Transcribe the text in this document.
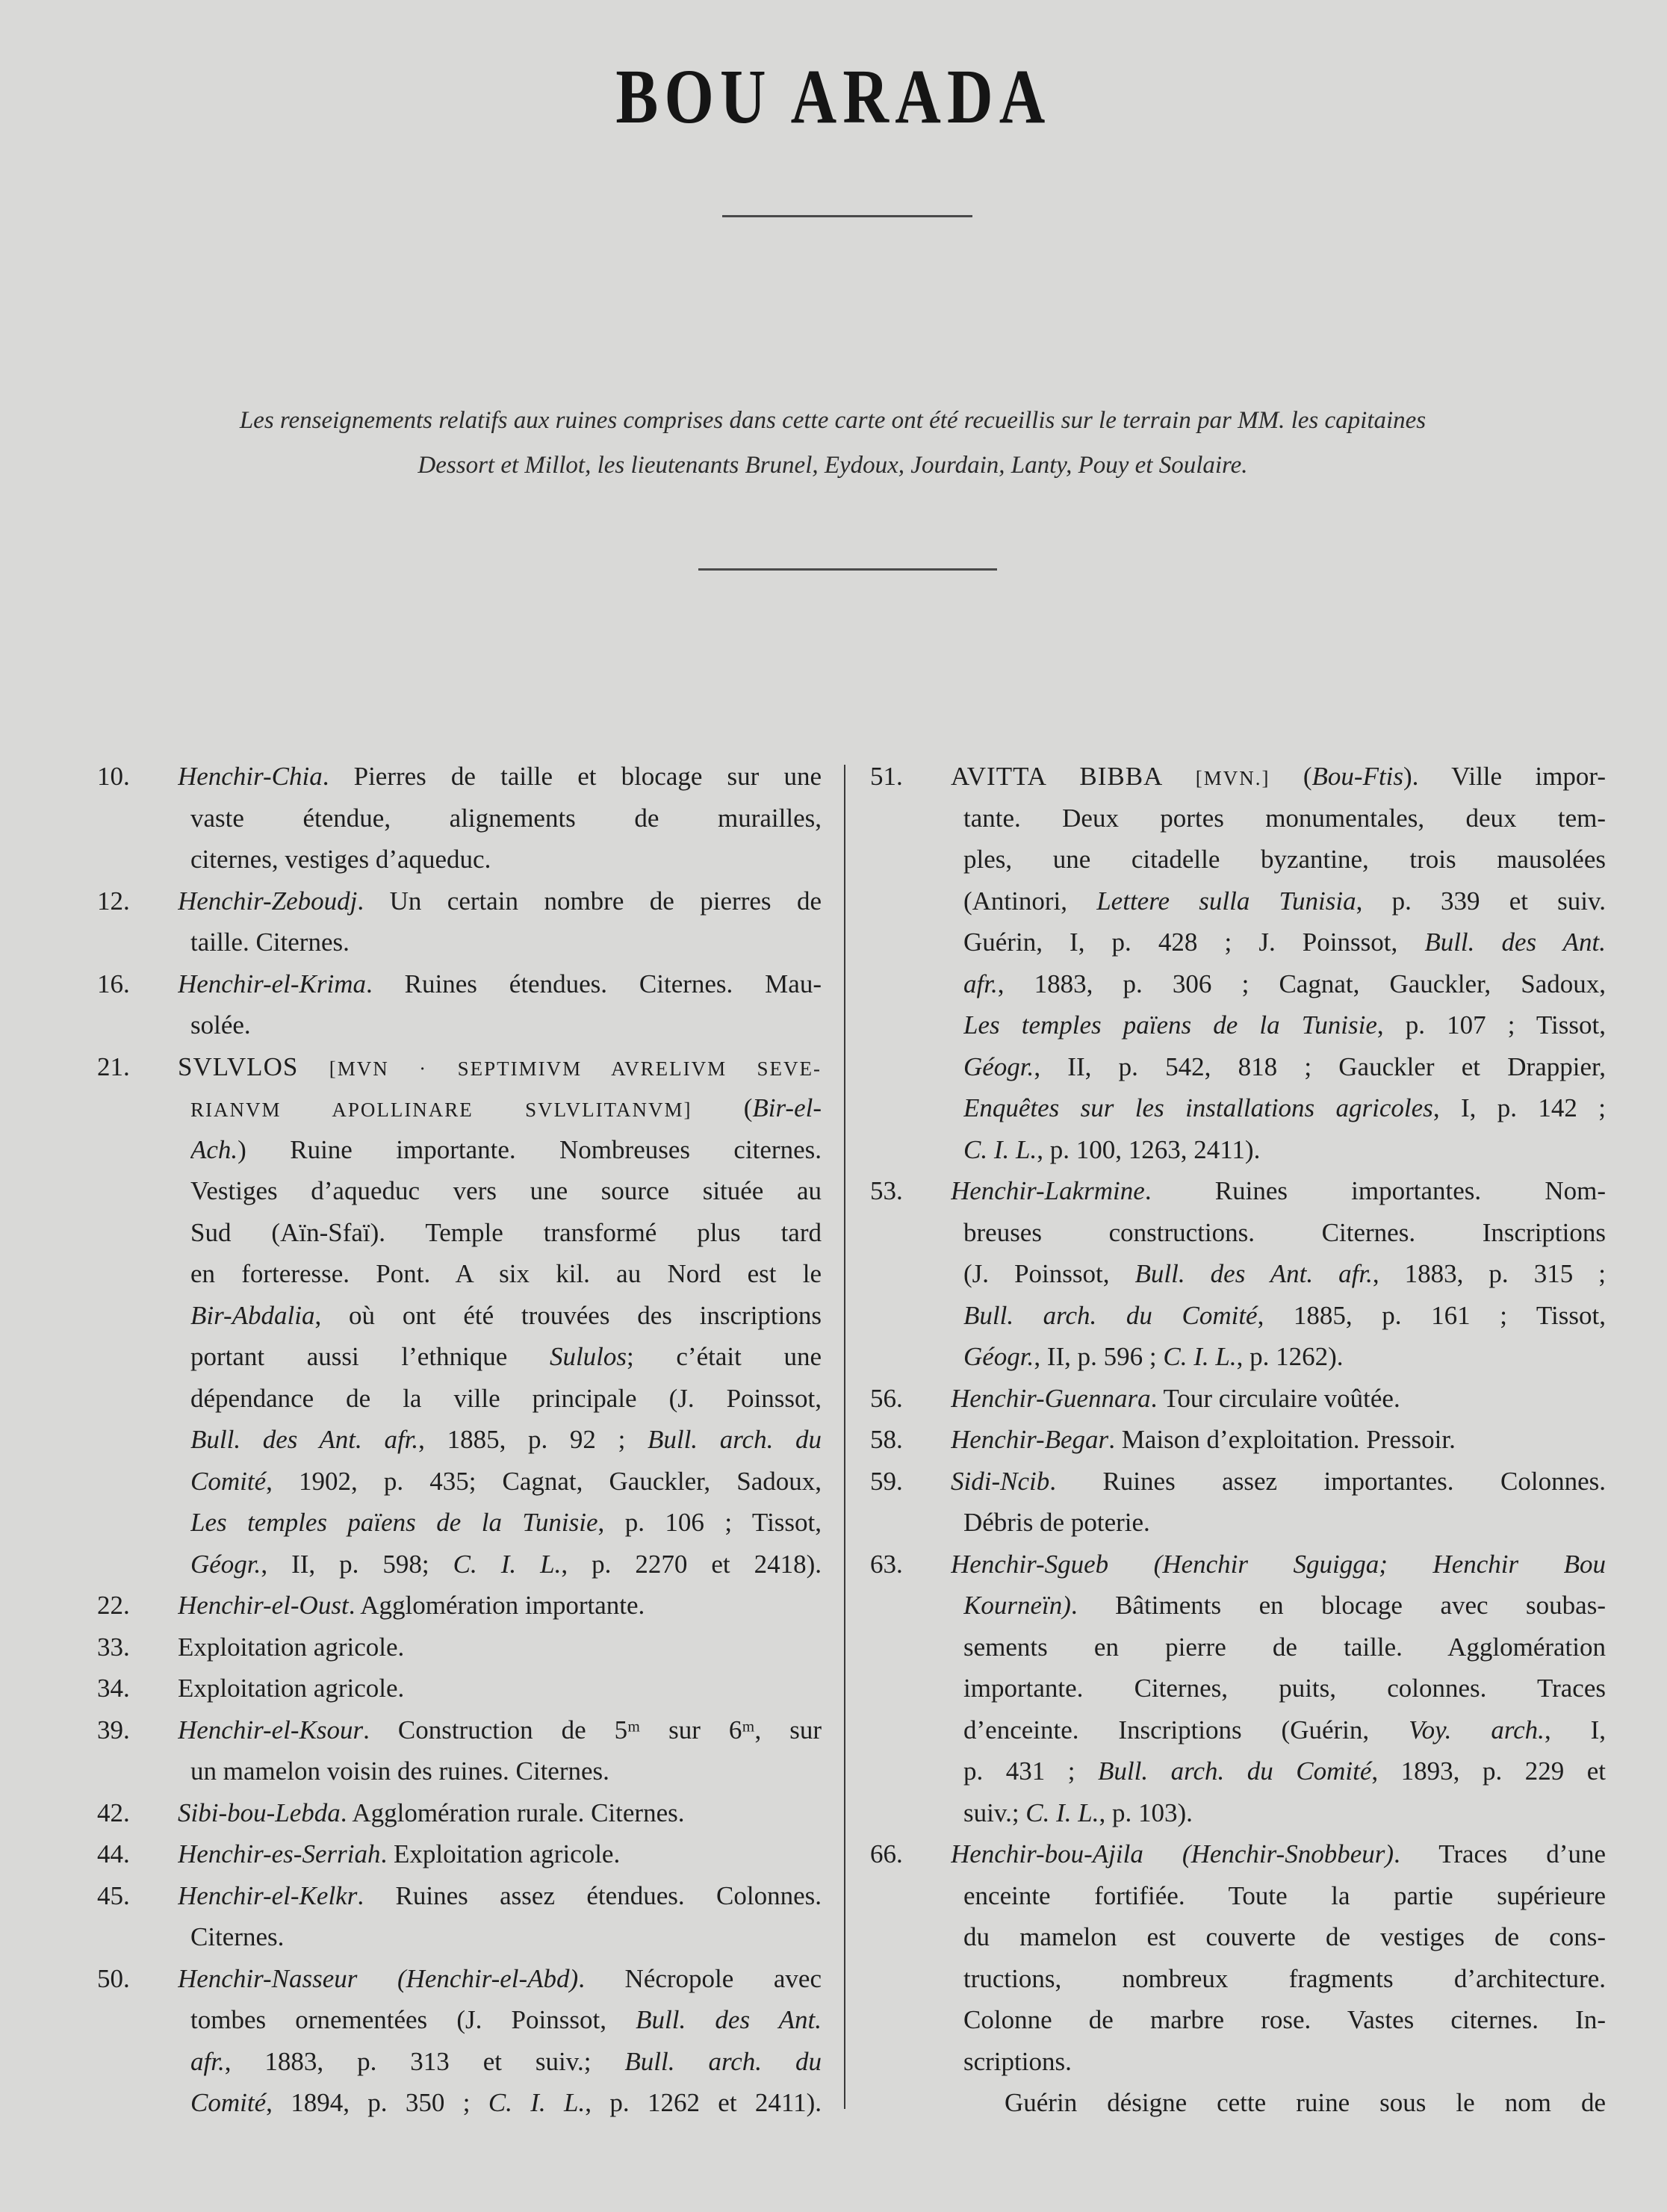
BOU ARADA
Les renseignements relatifs aux ruines comprises dans cette carte ont été recueillis sur le terrain par MM. les capitaines
Dessort et Millot, les lieutenants Brunel, Eydoux, Jourdain, Lanty, Pouy et Soulaire.
10.	Henchir-Chia. Pierres de taille et blocage sur une
vaste étendue, alignements de murailles,
citernes, vestiges d’aqueduc.
12.	Henchir-Zeboudj. Un certain nombre de pierres de
taille. Citernes.
16.	Henchir-el-Krima. Ruines étendues. Citernes. Mau-
solée.
21.	SVLVLOS [MVN · SEPTIMIVM AVRELIVM SEVE-
RIANVM APOLLINARE SVLVLITANVM] (Bir-el-
Ach.) Ruine importante. Nombreuses citernes.
Vestiges d’aqueduc vers une source située au
Sud (Aïn-Sfaï). Temple transformé plus tard
en forteresse. Pont. A six kil. au Nord est le
Bir-Abdalia, où ont été trouvées des inscriptions
portant aussi l’ethnique Sululos; c’était une
dépendance de la ville principale (J. Poinssot,
Bull. des Ant. afr., 1885, p. 92 ; Bull. arch. du
Comité, 1902, p. 435; Cagnat, Gauckler, Sadoux,
Les temples païens de la Tunisie, p. 106 ; Tissot,
Géogr., II, p. 598; C. I. L., p. 2270 et 2418).
22.	Henchir-el-Oust. Agglomération importante.
33.	Exploitation agricole.
34.	Exploitation agricole.
39.	Henchir-el-Ksour. Construction de 5ᵐ sur 6ᵐ, sur
un mamelon voisin des ruines. Citernes.
42.	Sibi-bou-Lebda. Agglomération rurale. Citernes.
44.	Henchir-es-Serriah. Exploitation agricole.
45.	Henchir-el-Kelkr. Ruines assez étendues. Colonnes.
Citernes.
50.	Henchir-Nasseur (Henchir-el-Abd). Nécropole avec
tombes ornementées (J. Poinssot, Bull. des Ant.
afr., 1883, p. 313 et suiv.; Bull. arch. du
Comité, 1894, p. 350 ; C. I. L., p. 1262 et 2411).
51.	AVITTA BIBBA [MVN.] (Bou-Ftis). Ville impor-
tante. Deux portes monumentales, deux tem-
ples, une citadelle byzantine, trois mausolées
(Antinori, Lettere sulla Tunisia, p. 339 et suiv.
Guérin, I, p. 428 ; J. Poinssot, Bull. des Ant.
afr., 1883, p. 306 ; Cagnat, Gauckler, Sadoux,
Les temples païens de la Tunisie, p. 107 ; Tissot,
Géogr., II, p. 542, 818 ; Gauckler et Drappier,
Enquêtes sur les installations agricoles, I, p. 142 ;
C. I. L., p. 100, 1263, 2411).
53.	Henchir-Lakrmine. Ruines importantes. Nom-
breuses constructions. Citernes. Inscriptions
(J. Poinssot, Bull. des Ant. afr., 1883, p. 315 ;
Bull. arch. du Comité, 1885, p. 161 ; Tissot,
Géogr., II, p. 596 ; C. I. L., p. 1262).
56.	Henchir-Guennara. Tour circulaire voûtée.
58.	Henchir-Begar. Maison d’exploitation. Pressoir.
59.	Sidi-Ncib. Ruines assez importantes. Colonnes.
Débris de poterie.
63.	Henchir-Sgueb (Henchir Sguigga; Henchir Bou
Kourneïn). Bâtiments en blocage avec soubas-
sements en pierre de taille. Agglomération
importante. Citernes, puits, colonnes. Traces
d’enceinte. Inscriptions (Guérin, Voy. arch., I,
p. 431 ; Bull. arch. du Comité, 1893, p. 229 et
suiv.; C. I. L., p. 103).
66.	Henchir-bou-Ajila (Henchir-Snobbeur). Traces d’une
enceinte fortifiée. Toute la partie supérieure
du mamelon est couverte de vestiges de cons-
tructions, nombreux fragments d’architecture.
Colonne de marbre rose. Vastes citernes. In-
scriptions.
Guérin désigne cette ruine sous le nom de
